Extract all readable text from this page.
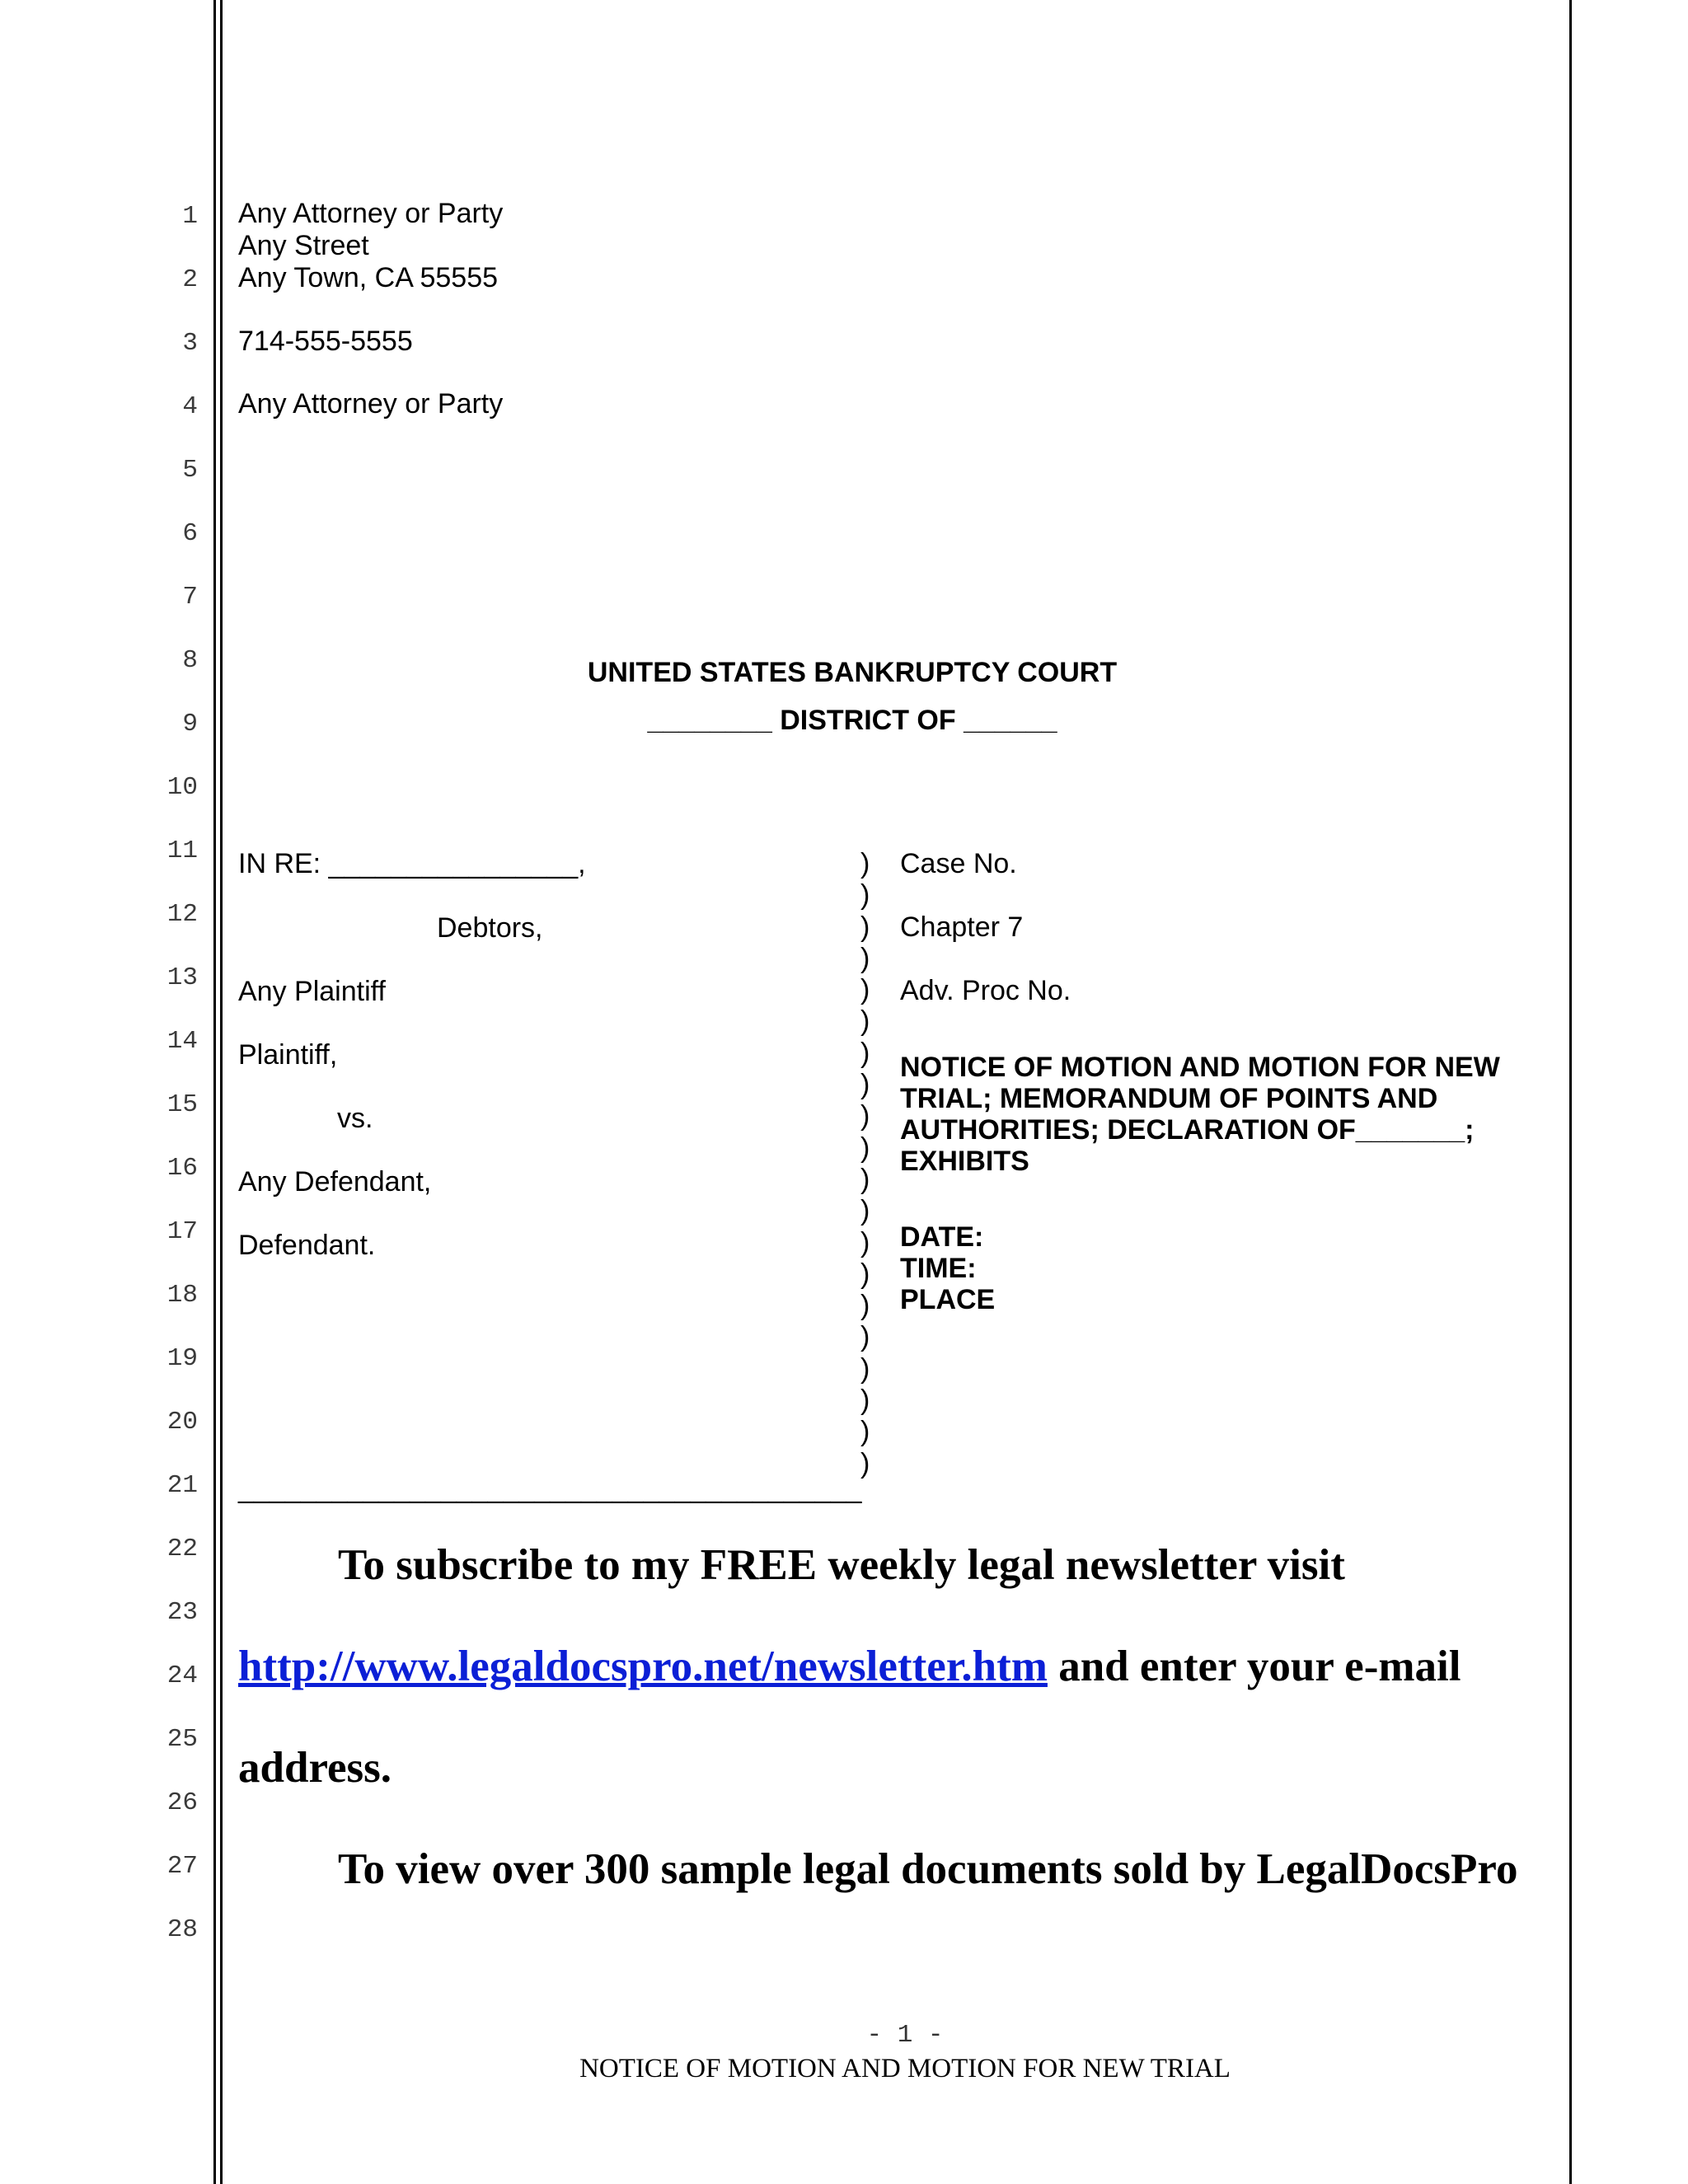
1
2
3
4
5
6
7
8
9
10
11
12
13
14
15
16
17
18
19
20
21
22
23
24
25
26
27
28
Any Attorney or Party
Any Street
Any Town, CA 55555
714-555-5555
Any Attorney or Party
UNITED STATES BANKRUPTCY COURT
________ DISTRICT OF ______
IN RE: ________________,
Debtors,
Any Plaintiff
Plaintiff,
vs.
Any Defendant,
Defendant.
________________________________________
)
)
)
)
)
)
)
)
)
)
)
)
)
)
)
)
)
)
)
)
Case No.
Chapter 7
Adv. Proc No.
NOTICE OF MOTION AND MOTION FOR NEW
TRIAL; MEMORANDUM OF POINTS AND
AUTHORITIES; DECLARATION OF_______;
EXHIBITS
DATE:
TIME:
PLACE
To subscribe to my FREE weekly legal newsletter visit
http://www.legaldocspro.net/newsletter.htm and enter your e-mail
address.
To view over 300 sample legal documents sold by LegalDocsPro
- 1 -
NOTICE OF MOTION AND MOTION FOR NEW TRIAL
